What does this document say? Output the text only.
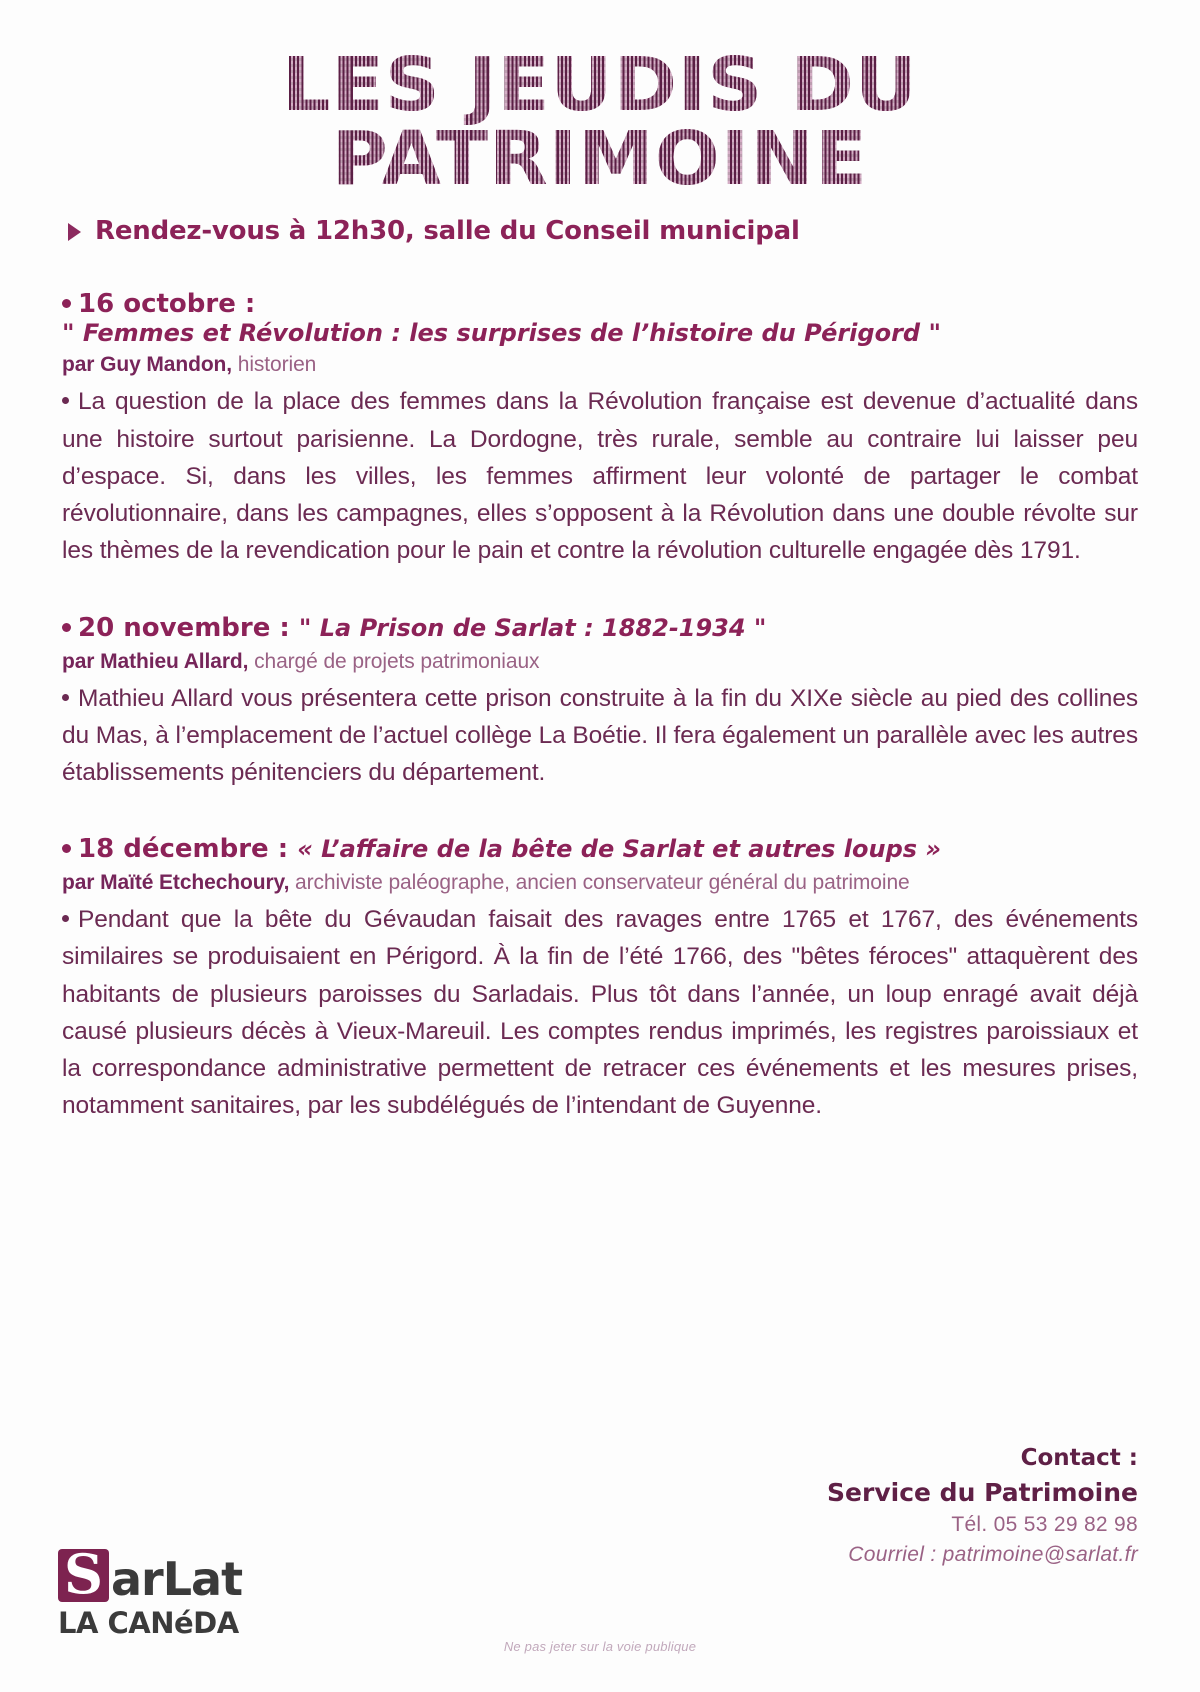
LES JEUDIS DU PATRIMOINE
Rendez-vous à 12h30, salle du Conseil municipal
16 octobre :
" Femmes et Révolution : les surprises de l’histoire du Périgord "
par Guy Mandon, historien
La question de la place des femmes dans la Révolution française est devenue d’actualité dans une histoire surtout parisienne. La Dordogne, très rurale, semble au contraire lui laisser peu d’espace. Si, dans les villes, les femmes affirment leur volonté de partager le combat révolutionnaire, dans les campagnes, elles s’opposent à la Révolution dans une double révolte sur les thèmes de la revendication pour le pain et contre la révolution culturelle engagée dès 1791.
20 novembre : " La Prison de Sarlat : 1882-1934 "
par Mathieu Allard, chargé de projets patrimoniaux
Mathieu Allard vous présentera cette prison construite à la fin du XIXe siècle au pied des collines du Mas, à l’emplacement de l’actuel collège La Boétie. Il fera également un parallèle avec les autres établissements pénitenciers du département.
18 décembre : « L’affaire de la bête de Sarlat et autres loups »
par Maïté Etchechoury, archiviste paléographe, ancien conservateur général du patrimoine
Pendant que la bête du Gévaudan faisait des ravages entre 1765 et 1767, des événements similaires se produisaient en Périgord. À la fin de l’été 1766, des "bêtes féroces" attaquèrent des habitants de plusieurs paroisses du Sarladais. Plus tôt dans l’année, un loup enragé avait déjà causé plusieurs décès à Vieux-Mareuil. Les comptes rendus imprimés, les registres paroissiaux et la correspondance administrative permettent de retracer ces événements et les mesures prises, notamment sanitaires, par les subdélégués de l’intendant de Guyenne.
Contact :
Service du Patrimoine
Tél. 05 53 29 82 98
Courriel : patrimoine@sarlat.fr
S arLat
LA CANéDA
Ne pas jeter sur la voie publique
